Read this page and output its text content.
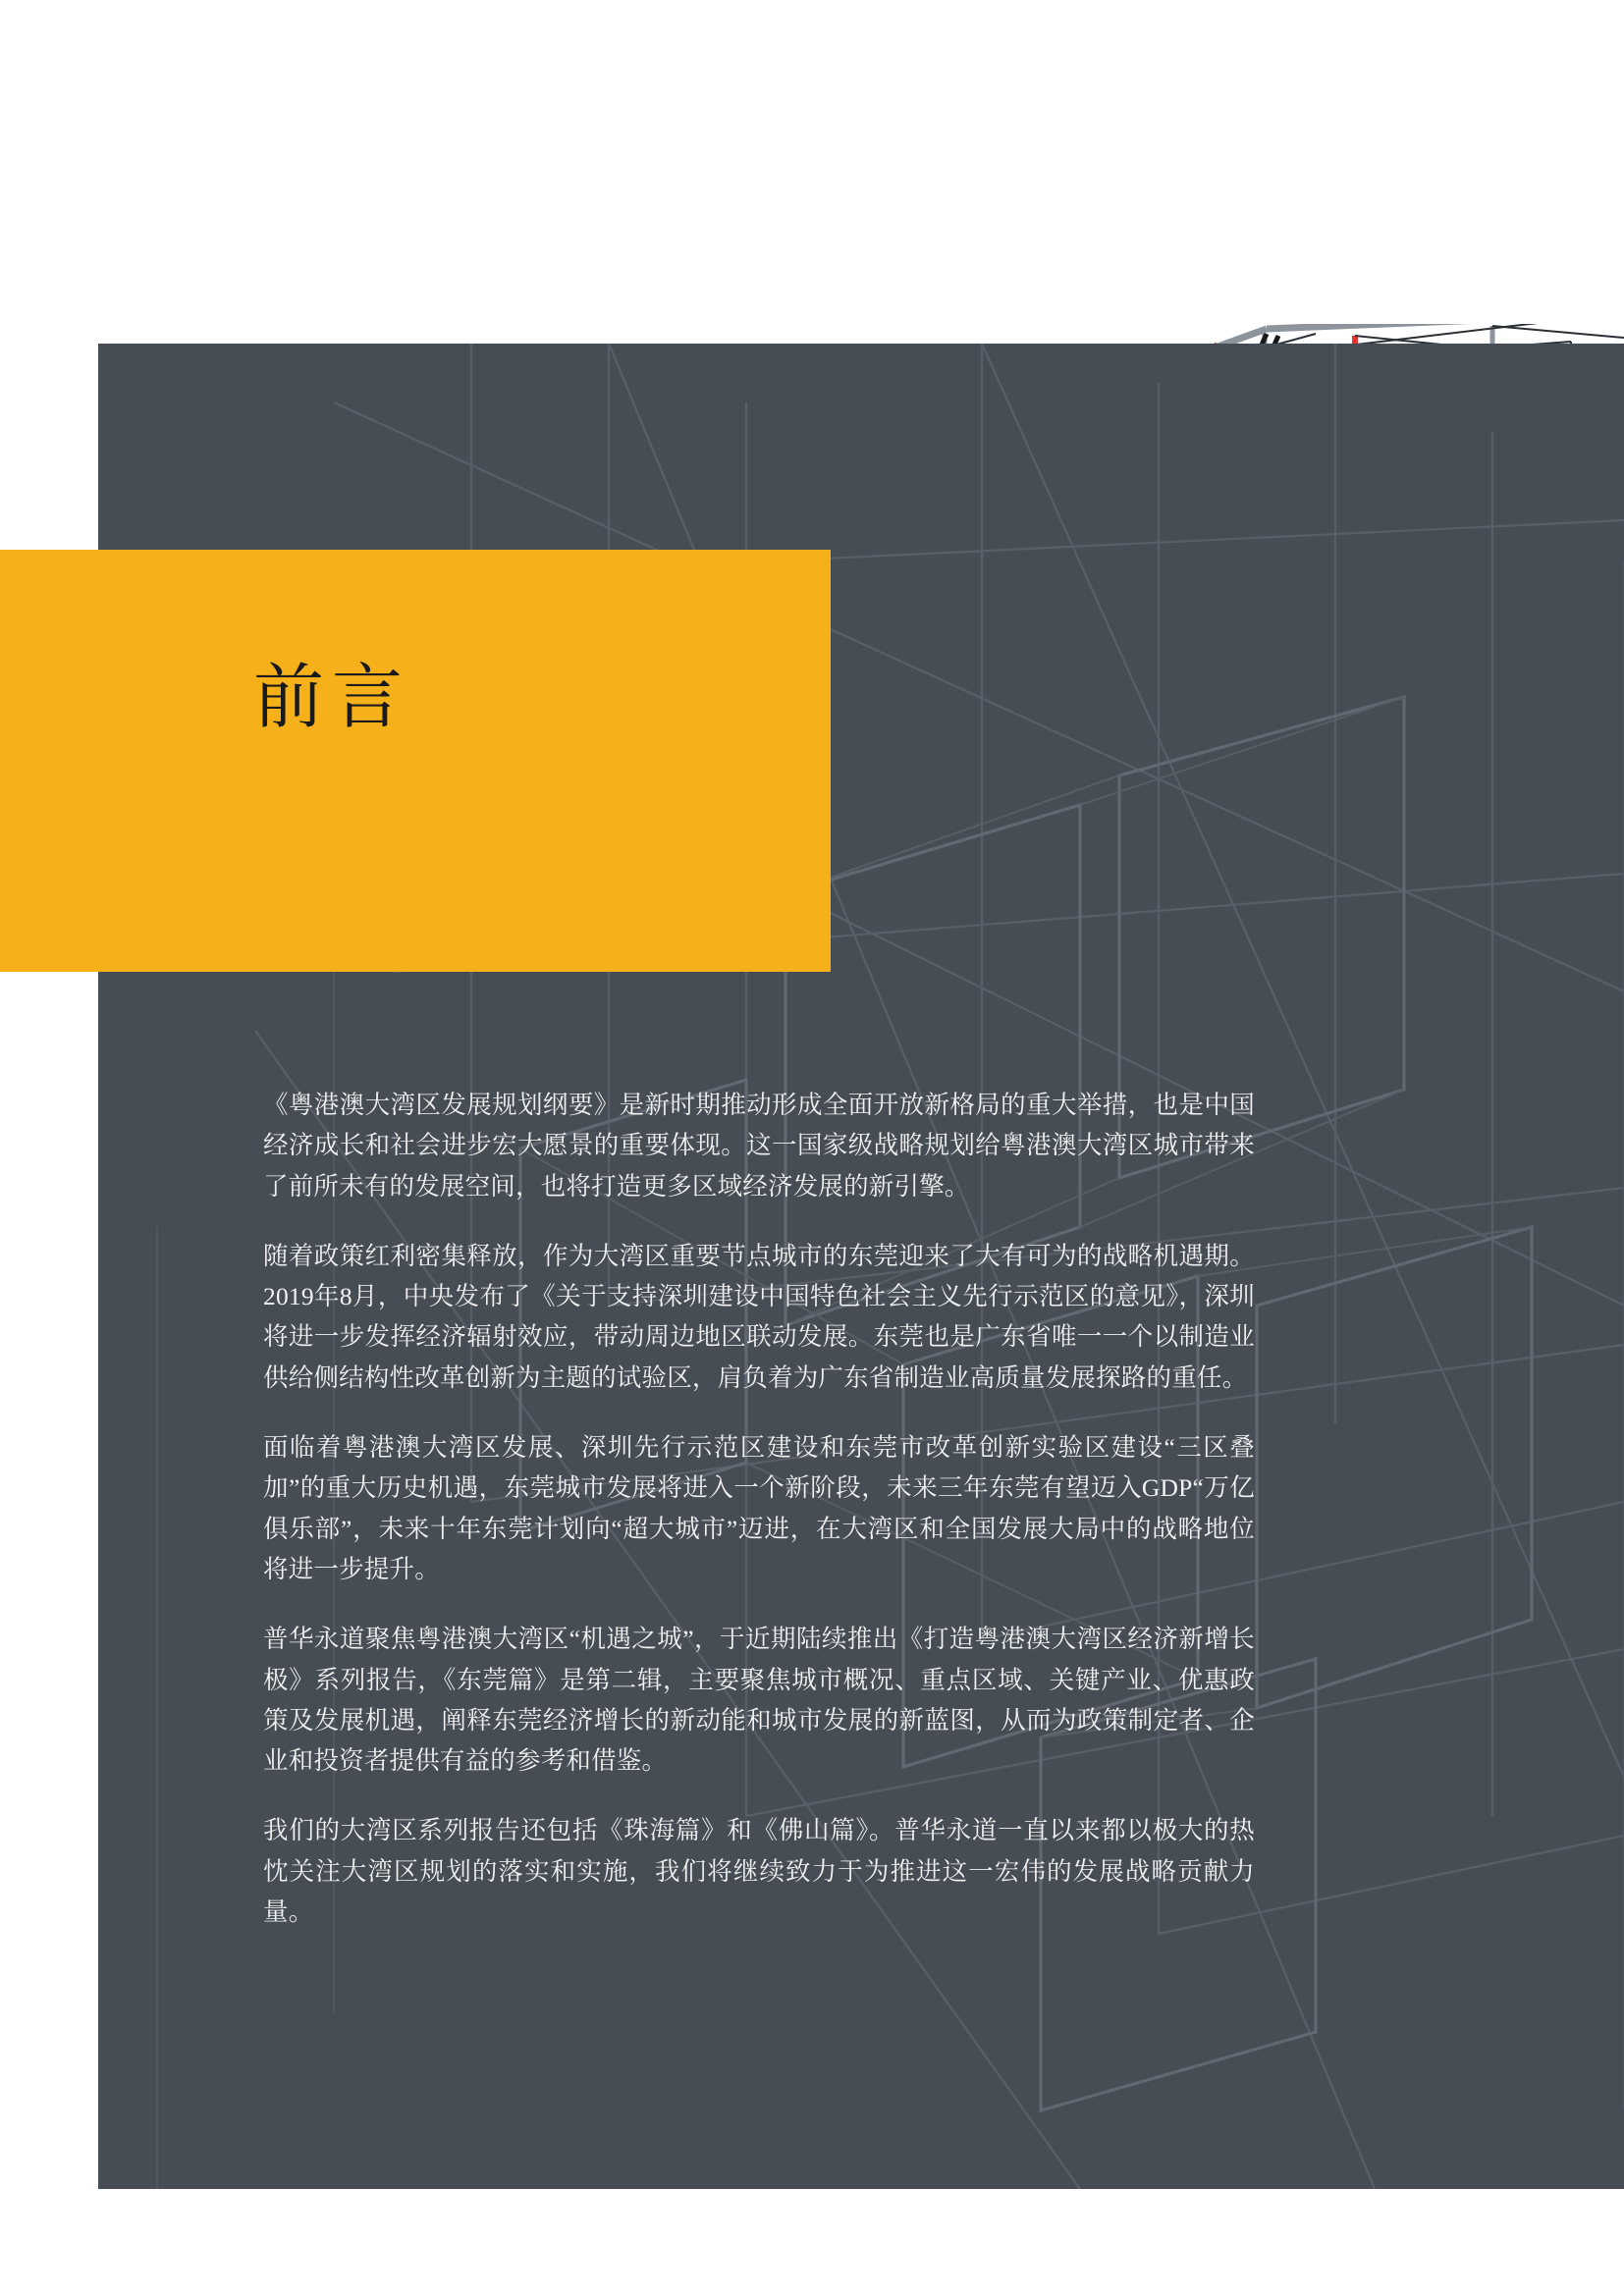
前言

《粤港澳大湾区发展规划纲要》是新时期推动形成全面开放新格局的重大举措，也是中国经济成长和社会进步宏大愿景的重要体现。这一国家级战略规划给粤港澳大湾区城市带来了前所未有的发展空间，也将打造更多区域经济发展的新引擎。

随着政策红利密集释放，作为大湾区重要节点城市的东莞迎来了大有可为的战略机遇期。2019年8月，中央发布了《关于支持深圳建设中国特色社会主义先行示范区的意见》，深圳将进一步发挥经济辐射效应，带动周边地区联动发展。东莞也是广东省唯一一个以制造业供给侧结构性改革创新为主题的试验区，肩负着为广东省制造业高质量发展探路的重任。

面临着粤港澳大湾区发展、深圳先行示范区建设和东莞市改革创新实验区建设“三区叠加”的重大历史机遇，东莞城市发展将进入一个新阶段，未来三年东莞有望迈入GDP“万亿俱乐部”，未来十年东莞计划向“超大城市”迈进，在大湾区和全国发展大局中的战略地位将进一步提升。

普华永道聚焦粤港澳大湾区“机遇之城”，于近期陆续推出《打造粤港澳大湾区经济新增长极》系列报告，《东莞篇》是第二辑，主要聚焦城市概况、重点区域、关键产业、优惠政策及发展机遇，阐释东莞经济增长的新动能和城市发展的新蓝图，从而为政策制定者、企业和投资者提供有益的参考和借鉴。

我们的大湾区系列报告还包括《珠海篇》和《佛山篇》。普华永道一直以来都以极大的热忱关注大湾区规划的落实和实施，我们将继续致力于为推进这一宏伟的发展战略贡献力量。
